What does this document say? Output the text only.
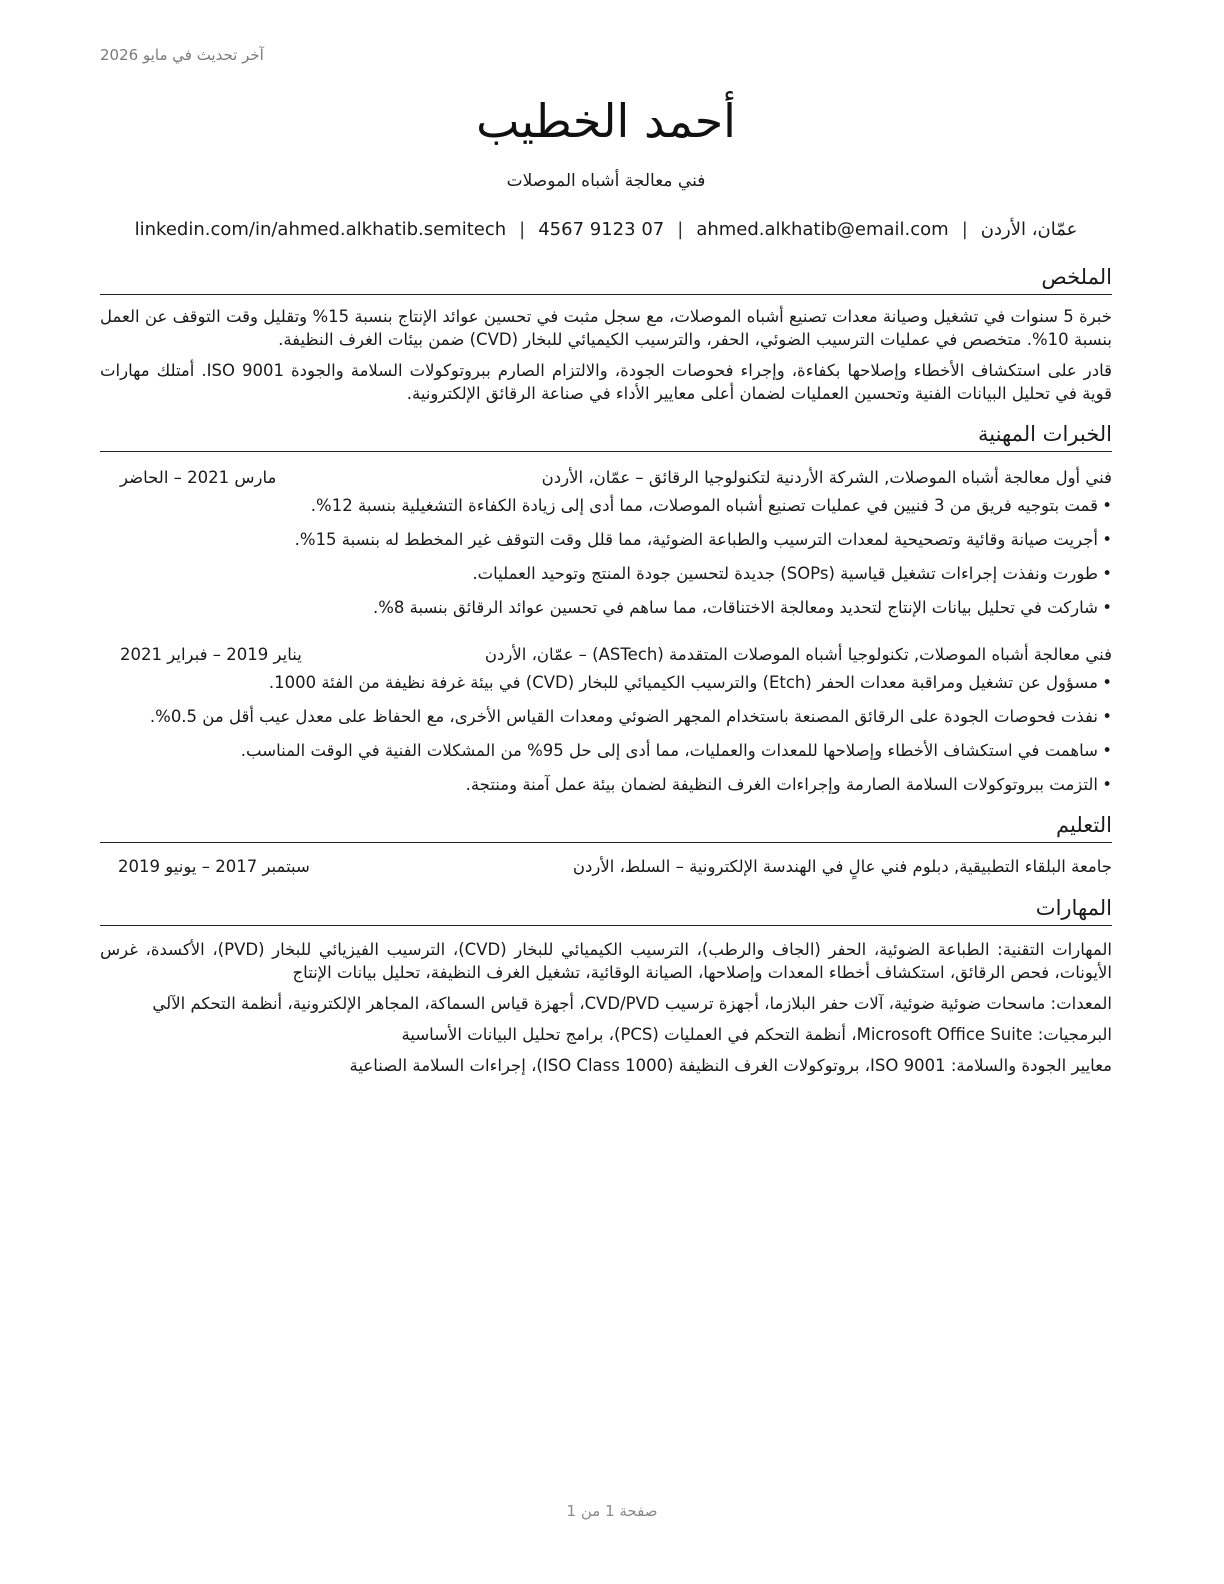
آخر تحديث في مايو 2026
أحمد الخطيب
فني معالجة أشباه الموصلات
linkedin.com/in/ahmed.alkhatib.semitech | 07 9123 4567 | ahmed.alkhatib@email.com | عمّان، الأردن
الملخص

خبرة 5 سنوات في تشغيل وصيانة معدات تصنيع أشباه الموصلات، مع سجل مثبت في تحسين عوائد الإنتاج بنسبة 15% وتقليل وقت التوقف عن العمل بنسبة 10%. متخصص في عمليات الترسيب الضوئي، الحفر، والترسيب الكيميائي للبخار (CVD) ضمن بيئات الغرف النظيفة.

قادر على استكشاف الأخطاء وإصلاحها بكفاءة، وإجراء فحوصات الجودة، والالتزام الصارم ببروتوكولات السلامة والجودة ISO 9001. أمتلك مهارات قوية في تحليل البيانات الفنية وتحسين العمليات لضمان أعلى معايير الأداء في صناعة الرقائق الإلكترونية.

الخبرات المهنية
فني أول معالجة أشباه الموصلات, الشركة الأردنية لتكنولوجيا الرقائق – عمّان، الأردن
مارس 2021 – الحاضر
• قمت بتوجيه فريق من 3 فنيين في عمليات تصنيع أشباه الموصلات، مما أدى إلى زيادة الكفاءة التشغيلية بنسبة 12%.
• أجريت صيانة وقائية وتصحيحية لمعدات الترسيب والطباعة الضوئية، مما قلل وقت التوقف غير المخطط له بنسبة 15%.
• طورت ونفذت إجراءات تشغيل قياسية (SOPs) جديدة لتحسين جودة المنتج وتوحيد العمليات.
• شاركت في تحليل بيانات الإنتاج لتحديد ومعالجة الاختناقات، مما ساهم في تحسين عوائد الرقائق بنسبة 8%.
فني معالجة أشباه الموصلات, تكنولوجيا أشباه الموصلات المتقدمة (ASTech) – عمّان، الأردن
يناير 2019 – فبراير 2021
• مسؤول عن تشغيل ومراقبة معدات الحفر (Etch) والترسيب الكيميائي للبخار (CVD) في بيئة غرفة نظيفة من الفئة 1000.
• نفذت فحوصات الجودة على الرقائق المصنعة باستخدام المجهر الضوئي ومعدات القياس الأخرى، مع الحفاظ على معدل عيب أقل من 0.5%.
• ساهمت في استكشاف الأخطاء وإصلاحها للمعدات والعمليات، مما أدى إلى حل 95% من المشكلات الفنية في الوقت المناسب.
• التزمت ببروتوكولات السلامة الصارمة وإجراءات الغرف النظيفة لضمان بيئة عمل آمنة ومنتجة.
التعليم
جامعة البلقاء التطبيقية, دبلوم فني عالٍ في الهندسة الإلكترونية – السلط، الأردن
سبتمبر 2017 – يونيو 2019
المهارات
المهارات التقنية: الطباعة الضوئية، الحفر (الجاف والرطب)، الترسيب الكيميائي للبخار (CVD)، الترسيب الفيزيائي للبخار (PVD)، الأكسدة، غرس الأيونات، فحص الرقائق، استكشاف أخطاء المعدات وإصلاحها، الصيانة الوقائية، تشغيل الغرف النظيفة، تحليل بيانات الإنتاج
المعدات: ماسحات ضوئية ضوئية، آلات حفر البلازما، أجهزة ترسيب CVD/PVD، أجهزة قياس السماكة، المجاهر الإلكترونية، أنظمة التحكم الآلي
البرمجيات: Microsoft Office Suite، أنظمة التحكم في العمليات (PCS)، برامج تحليل البيانات الأساسية
معايير الجودة والسلامة: ISO 9001، بروتوكولات الغرف النظيفة (ISO Class 1000)، إجراءات السلامة الصناعية
صفحة 1 من 1
